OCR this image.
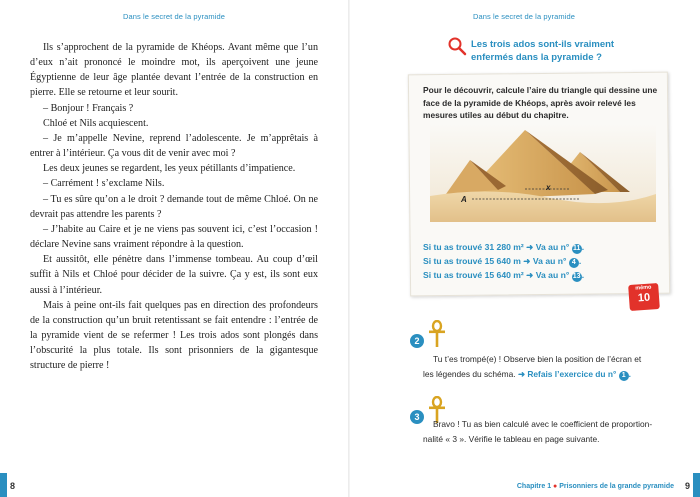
Dans le secret de la pyramide

Ils s’approchent de la pyramide de Khéops. Avant même que l’un d’eux n’ait prononcé le moindre mot, ils aperçoivent une jeune Égyptienne de leur âge plantée devant l’entrée de la construction en pierre. Elle se retourne et leur sourit.

– Bonjour ! Français ?

Chloé et Nils acquiescent.

– Je m’appelle Nevine, reprend l’adolescente. Je m’apprêtais à entrer à l’intérieur. Ça vous dit de venir avec moi ?

Les deux jeunes se regardent, les yeux pétillants d’impatience.

– Carrément ! s’exclame Nils.

– Tu es sûre qu’on a le droit ? demande tout de même Chloé. On ne devrait pas attendre les parents ?

– J’habite au Caire et je ne viens pas souvent ici, c’est l’occasion ! déclare Nevine sans vraiment répondre à la question.

Et aussitôt, elle pénètre dans l’immense tombeau. Au coup d’œil suffit à Nils et Chloé pour décider de la suivre. Ça y est, ils sont eux aussi à l’intérieur.

Mais à peine ont-ils fait quelques pas en direction des profondeurs de la construction qu’un bruit retentissant se fait entendre : l’entrée de la pyramide vient de se refermer ! Les trois ados sont plongés dans l’obscurité la plus totale. Ils sont prisonniers de la gigantesque structure de pierre !

8
Dans le secret de la pyramide
Les trois ados sont-ils vraiment enfermés dans la pyramide ?
Pour le découvrir, calcule l’aire du triangle qui dessine une face de la pyramide de Khéops, après avoir relevé les mesures utiles au début du chapitre.
A
x
Si tu as trouvé 31 280 m² ➜ Va au n° 11.
Si tu as trouvé 15 640 m ➜ Va au n° 4 .
Si tu as trouvé 15 640 m² ➜ Va au n° 13.
mémo
10
2
Tu t’es trompé(e) ! Observe bien la position de l’écran et
les légendes du schéma. ➜ Refais l’exercice du n° 1 .
3
Bravo ! Tu as bien calculé avec le coefficient de proportion-
nalité « 3 ». Vérifie le tableau en page suivante.
Chapitre 1 ● Prisonniers de la grande pyramide 9
